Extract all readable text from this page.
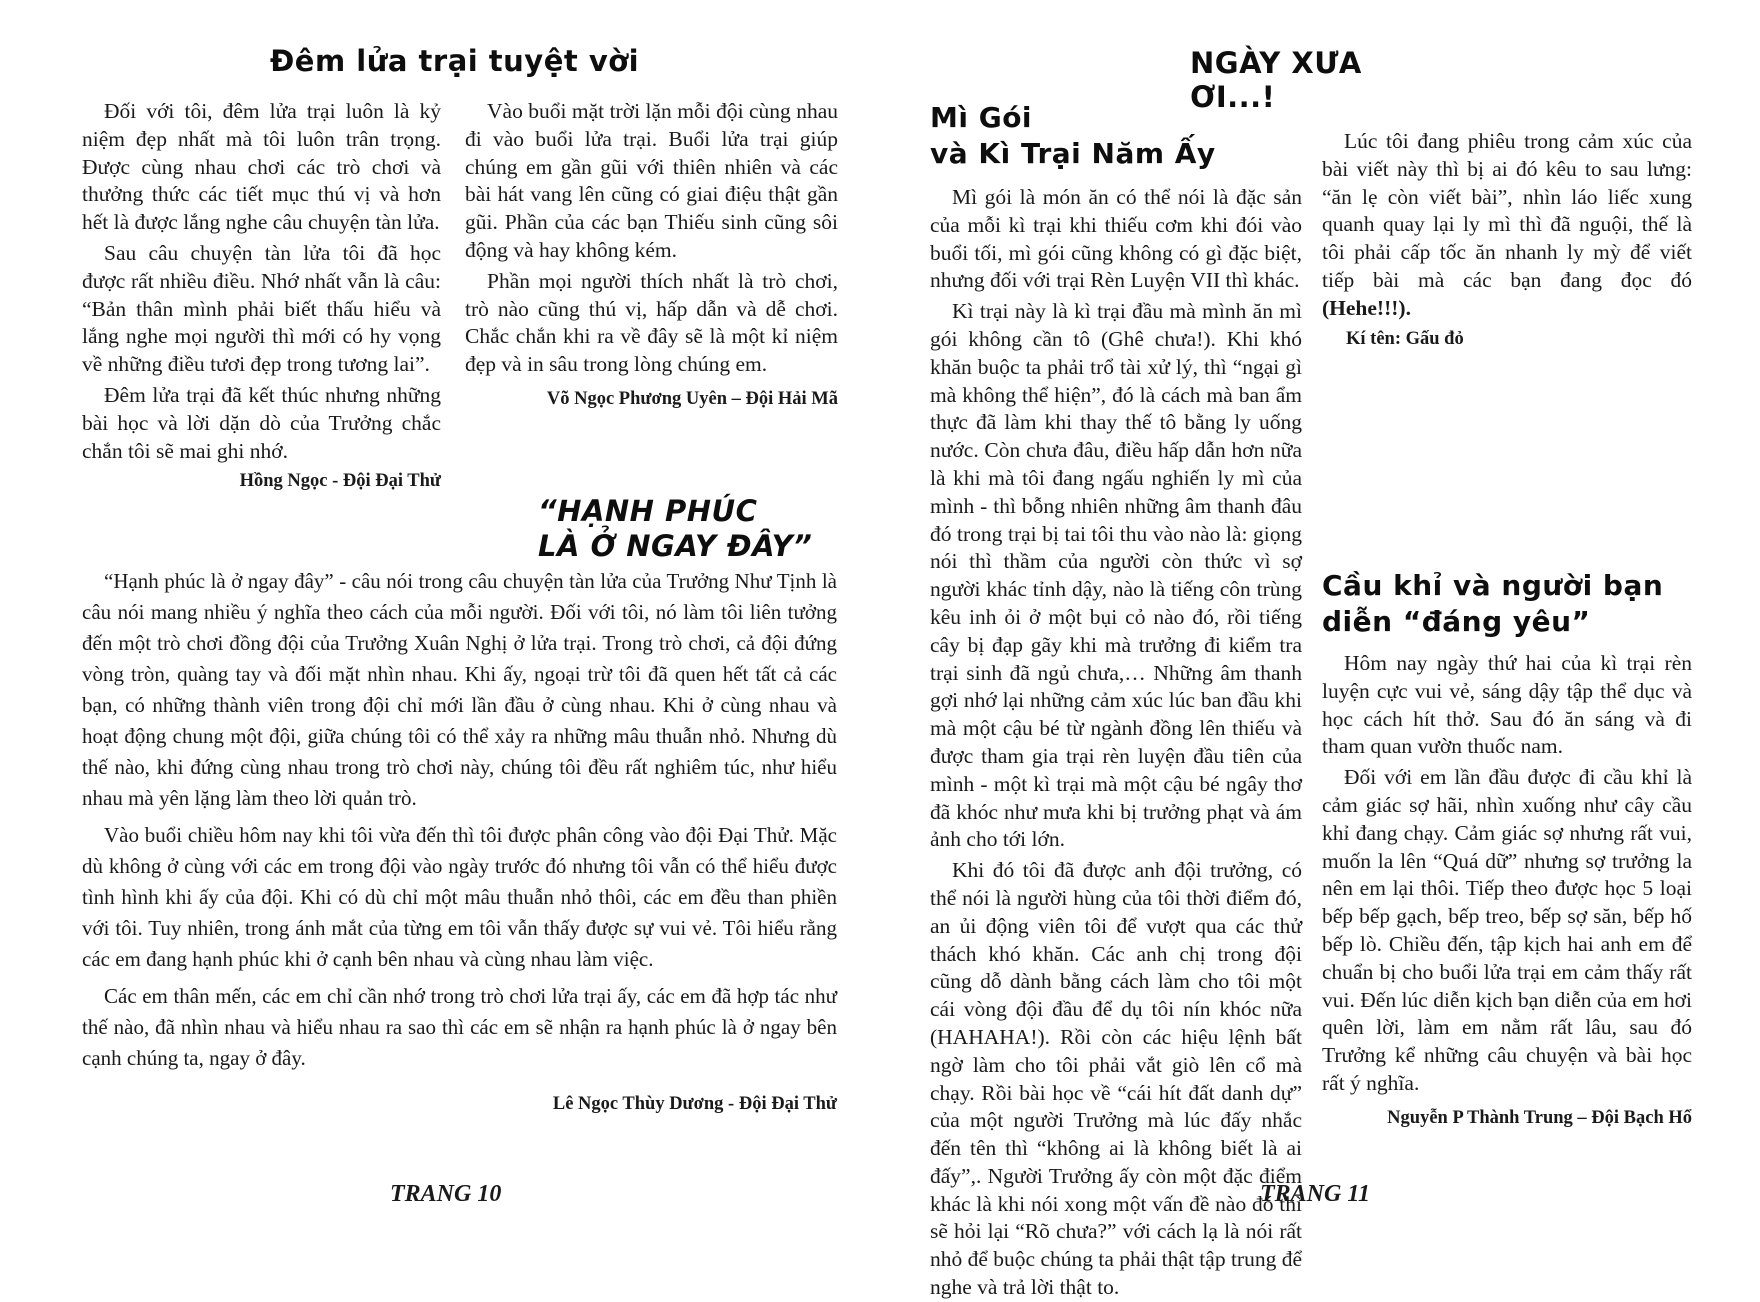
Đêm lửa trại tuyệt vời

Đối với tôi, đêm lửa trại luôn là kỷ niệm đẹp nhất mà tôi luôn trân trọng. Được cùng nhau chơi các trò chơi và thưởng thức các tiết mục thú vị và hơn hết là được lắng nghe câu chuyện tàn lửa.

Sau câu chuyện tàn lửa tôi đã học được rất nhiều điều. Nhớ nhất vẫn là câu: “Bản thân mình phải biết thấu hiểu và lắng nghe mọi người thì mới có hy vọng về những điều tươi đẹp trong tương lai”.

Đêm lửa trại đã kết thúc nhưng những bài học và lời dặn dò của Trưởng chắc chắn tôi sẽ mai ghi nhớ.

Hồng Ngọc - Đội Đại Thử

Vào buổi mặt trời lặn mỗi đội cùng nhau đi vào buổi lửa trại. Buổi lửa trại giúp chúng em gần gũi với thiên nhiên và các bài hát vang lên cũng có giai điệu thật gần gũi. Phần của các bạn Thiếu sinh cũng sôi động và hay không kém.

Phần mọi người thích nhất là trò chơi, trò nào cũng thú vị, hấp dẫn và dễ chơi. Chắc chắn khi ra về đây sẽ là một kỉ niệm đẹp và in sâu trong lòng chúng em.

Võ Ngọc Phương Uyên – Đội Hải Mã

“HẠNH PHÚC
LÀ Ở NGAY ĐÂY”

“Hạnh phúc là ở ngay đây” - câu nói trong câu chuyện tàn lửa của Trưởng Như Tịnh là câu nói mang nhiều ý nghĩa theo cách của mỗi người. Đối với tôi, nó làm tôi liên tưởng đến một trò chơi đồng đội của Trưởng Xuân Nghị ở lửa trại. Trong trò chơi, cả đội đứng vòng tròn, quàng tay và đối mặt nhìn nhau. Khi ấy, ngoại trừ tôi đã quen hết tất cả các bạn, có những thành viên trong đội chỉ mới lần đầu ở cùng nhau. Khi ở cùng nhau và hoạt động chung một đội, giữa chúng tôi có thể xảy ra những mâu thuẫn nhỏ. Nhưng dù thế nào, khi đứng cùng nhau trong trò chơi này, chúng tôi đều rất nghiêm túc, như hiểu nhau mà yên lặng làm theo lời quản trò.

Vào buổi chiều hôm nay khi tôi vừa đến thì tôi được phân công vào đội Đại Thử. Mặc dù không ở cùng với các em trong đội vào ngày trước đó nhưng tôi vẫn có thể hiểu được tình hình khi ấy của đội. Khi có dù chỉ một mâu thuẫn nhỏ thôi, các em đều than phiền với tôi. Tuy nhiên, trong ánh mắt của từng em tôi vẫn thấy được sự vui vẻ. Tôi hiểu rằng các em đang hạnh phúc khi ở cạnh bên nhau và cùng nhau làm việc.

Các em thân mến, các em chỉ cần nhớ trong trò chơi lửa trại ấy, các em đã hợp tác như thế nào, đã nhìn nhau và hiểu nhau ra sao thì các em sẽ nhận ra hạnh phúc là ở ngay bên cạnh chúng ta, ngay ở đây.

Lê Ngọc Thùy Dương - Đội Đại Thử

TRANG 10
NGÀY XƯA ƠI...!
Mì Gói
và Kì Trại Năm Ấy

Mì gói là món ăn có thể nói là đặc sản của mỗi kì trại khi thiếu cơm khi đói vào buổi tối, mì gói cũng không có gì đặc biệt, nhưng đối với trại Rèn Luyện VII thì khác.

Kì trại này là kì trại đầu mà mình ăn mì gói không cần tô (Ghê chưa!). Khi khó khăn buộc ta phải trổ tài xử lý, thì “ngại gì mà không thể hiện”, đó là cách mà ban ẩm thực đã làm khi thay thế tô bằng ly uống nước. Còn chưa đâu, điều hấp dẫn hơn nữa là khi mà tôi đang ngấu nghiến ly mì của mình - thì bỗng nhiên những âm thanh đâu đó trong trại bị tai tôi thu vào nào là: giọng nói thì thầm của người còn thức vì sợ người khác tỉnh dậy, nào là tiếng côn trùng kêu inh ỏi ở một bụi cỏ nào đó, rồi tiếng cây bị đạp gãy khi mà trưởng đi kiểm tra trại sinh đã ngủ chưa,… Những âm thanh gợi nhớ lại những cảm xúc lúc ban đầu khi mà một cậu bé từ ngành đồng lên thiếu và được tham gia trại rèn luyện đầu tiên của mình - một kì trại mà một cậu bé ngây thơ đã khóc như mưa khi bị trưởng phạt và ám ảnh cho tới lớn.

Khi đó tôi đã được anh đội trưởng, có thể nói là người hùng của tôi thời điểm đó, an ủi động viên tôi để vượt qua các thử thách khó khăn. Các anh chị trong đội cũng dỗ dành bằng cách làm cho tôi một cái vòng đội đầu để dụ tôi nín khóc nữa (HAHAHA!). Rồi còn các hiệu lệnh bất ngờ làm cho tôi phải vắt giò lên cổ mà chạy. Rồi bài học về “cái hít đất danh dự” của một người Trưởng mà lúc đấy nhắc đến tên thì “không ai là không biết là ai đấy”,. Người Trưởng ấy còn một đặc điểm khác là khi nói xong một vấn đề nào đó thì sẽ hỏi lại “Rõ chưa?” với cách lạ là nói rất nhỏ để buộc chúng ta phải thật tập trung để nghe và trả lời thật to.

Lúc tôi đang phiêu trong cảm xúc của bài viết này thì bị ai đó kêu to sau lưng: “ăn lẹ còn viết bài”, nhìn láo liếc xung quanh quay lại ly mì thì đã nguội, thế là tôi phải cấp tốc ăn nhanh ly mỳ để viết tiếp bài mà các bạn đang đọc đó (Hehe!!!).

Kí tên: Gấu đỏ

Cầu khỉ và người bạn
diễn “đáng yêu”

Hôm nay ngày thứ hai của kì trại rèn luyện cực vui vẻ, sáng dậy tập thể dục và học cách hít thở. Sau đó ăn sáng và đi tham quan vườn thuốc nam.

Đối với em lần đầu được đi cầu khỉ là cảm giác sợ hãi, nhìn xuống như cây cầu khỉ đang chạy. Cảm giác sợ nhưng rất vui, muốn la lên “Quá dữ” nhưng sợ trưởng la nên em lại thôi. Tiếp theo được học 5 loại bếp bếp gạch, bếp treo, bếp sợ săn, bếp hố bếp lò. Chiều đến, tập kịch hai anh em để chuẩn bị cho buổi lửa trại em cảm thấy rất vui. Đến lúc diễn kịch bạn diễn của em hơi quên lời, làm em nằm rất lâu, sau đó Trưởng kể những câu chuyện và bài học rất ý nghĩa.

Nguyễn P Thành Trung – Đội Bạch Hổ

TRANG 11
